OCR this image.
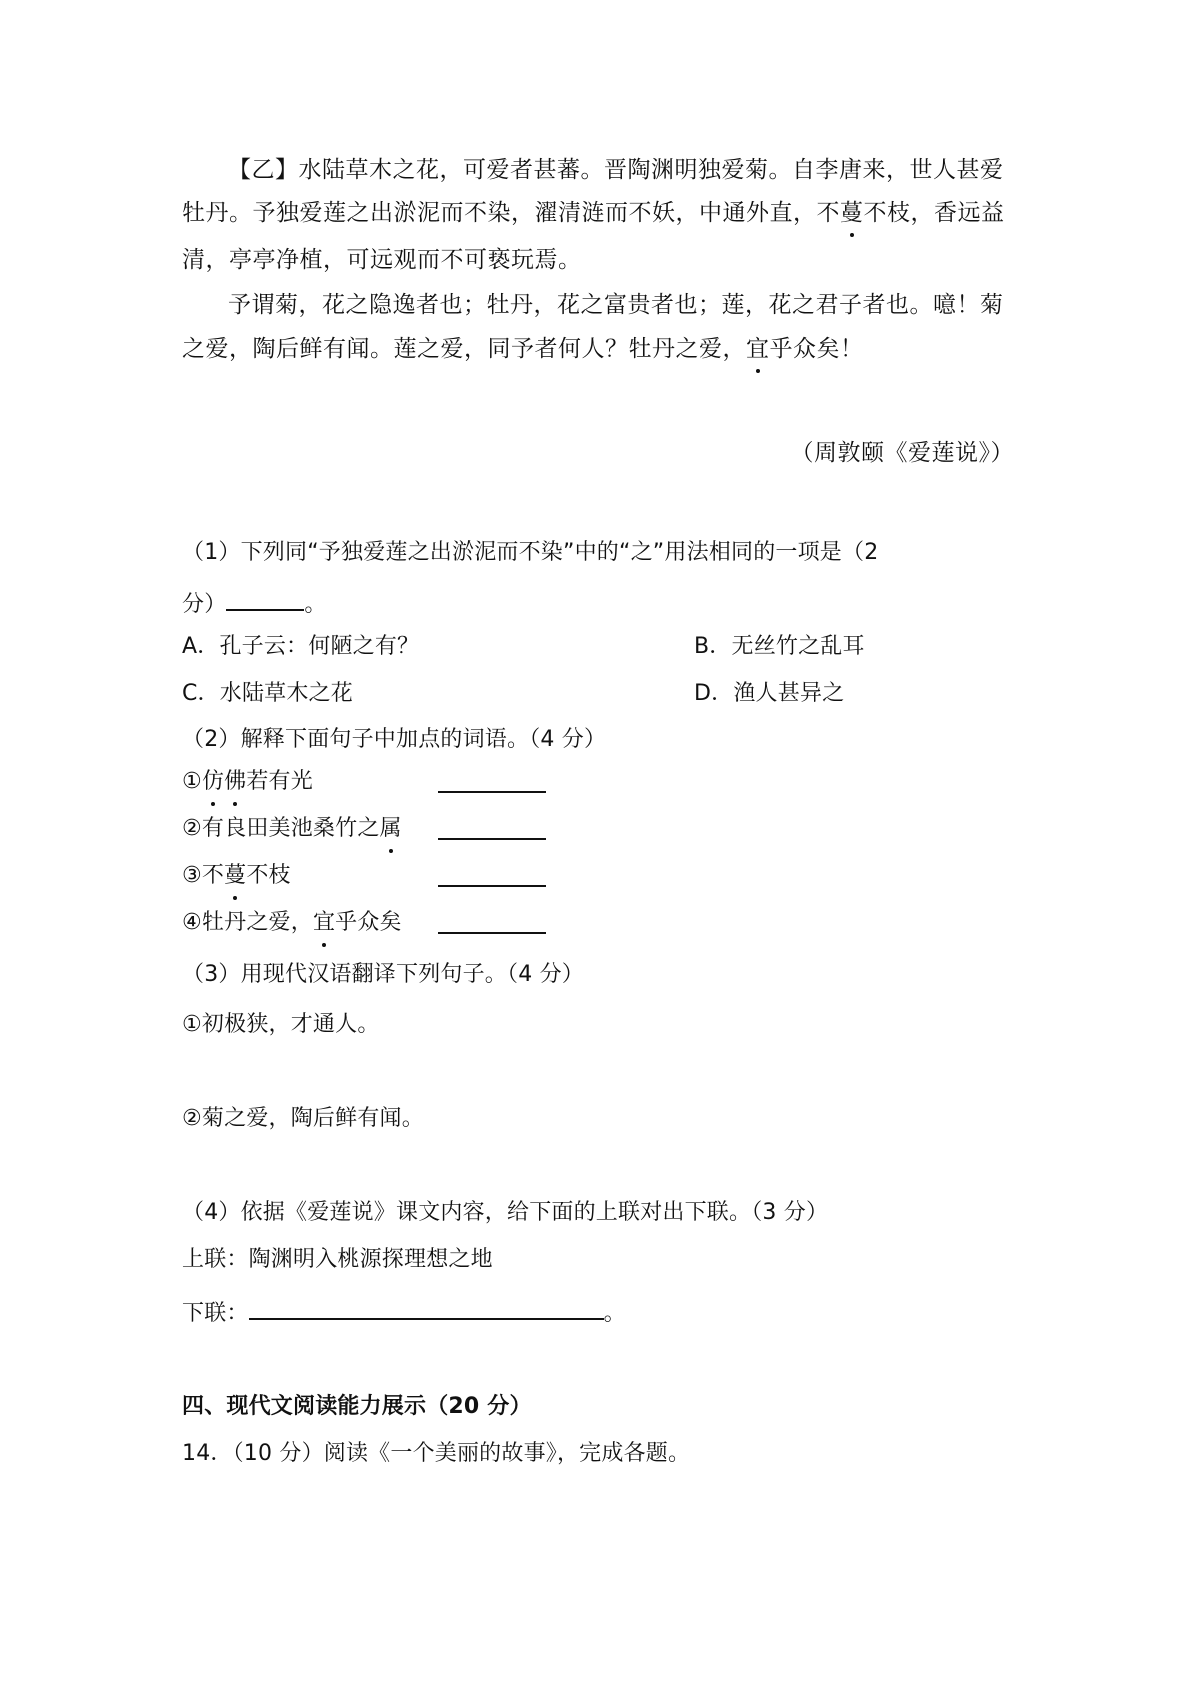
【乙】水陆草木之花，可爱者甚蕃。晋陶渊明独爱菊。自李唐来，世人甚爱
牡丹。予独爱莲之出淤泥而不染，濯清涟而不妖，中通外直，不蔓不枝，香远益
清，亭亭净植，可远观而不可亵玩焉。
予谓菊，花之隐逸者也；牡丹，花之富贵者也；莲，花之君子者也。噫！菊
之爱，陶后鲜有闻。莲之爱，同予者何人？牡丹之爱，宜乎众矣！
（周敦颐《爱莲说》）
（1）下列同“予独爱莲之出淤泥而不染”中的“之”用法相同的一项是（2
分）	。
A．孔子云：何陋之有？	B．无丝竹之乱耳
C．水陆草木之花	D．渔人甚异之
（2）解释下面句子中加点的词语。（4 分）
①仿佛若有光
②有良田美池桑竹之属
③不蔓不枝
④牡丹之爱，宜乎众矣
（3）用现代汉语翻译下列句子。（4 分）
①初极狭，才通人。
②菊之爱，陶后鲜有闻。
（4）依据《爱莲说》课文内容，给下面的上联对出下联。（3 分）
上联：陶渊明入桃源探理想之地
下联：	。
四、现代文阅读能力展示（20 分）
14．（10 分）阅读《一个美丽的故事》，完成各题。
